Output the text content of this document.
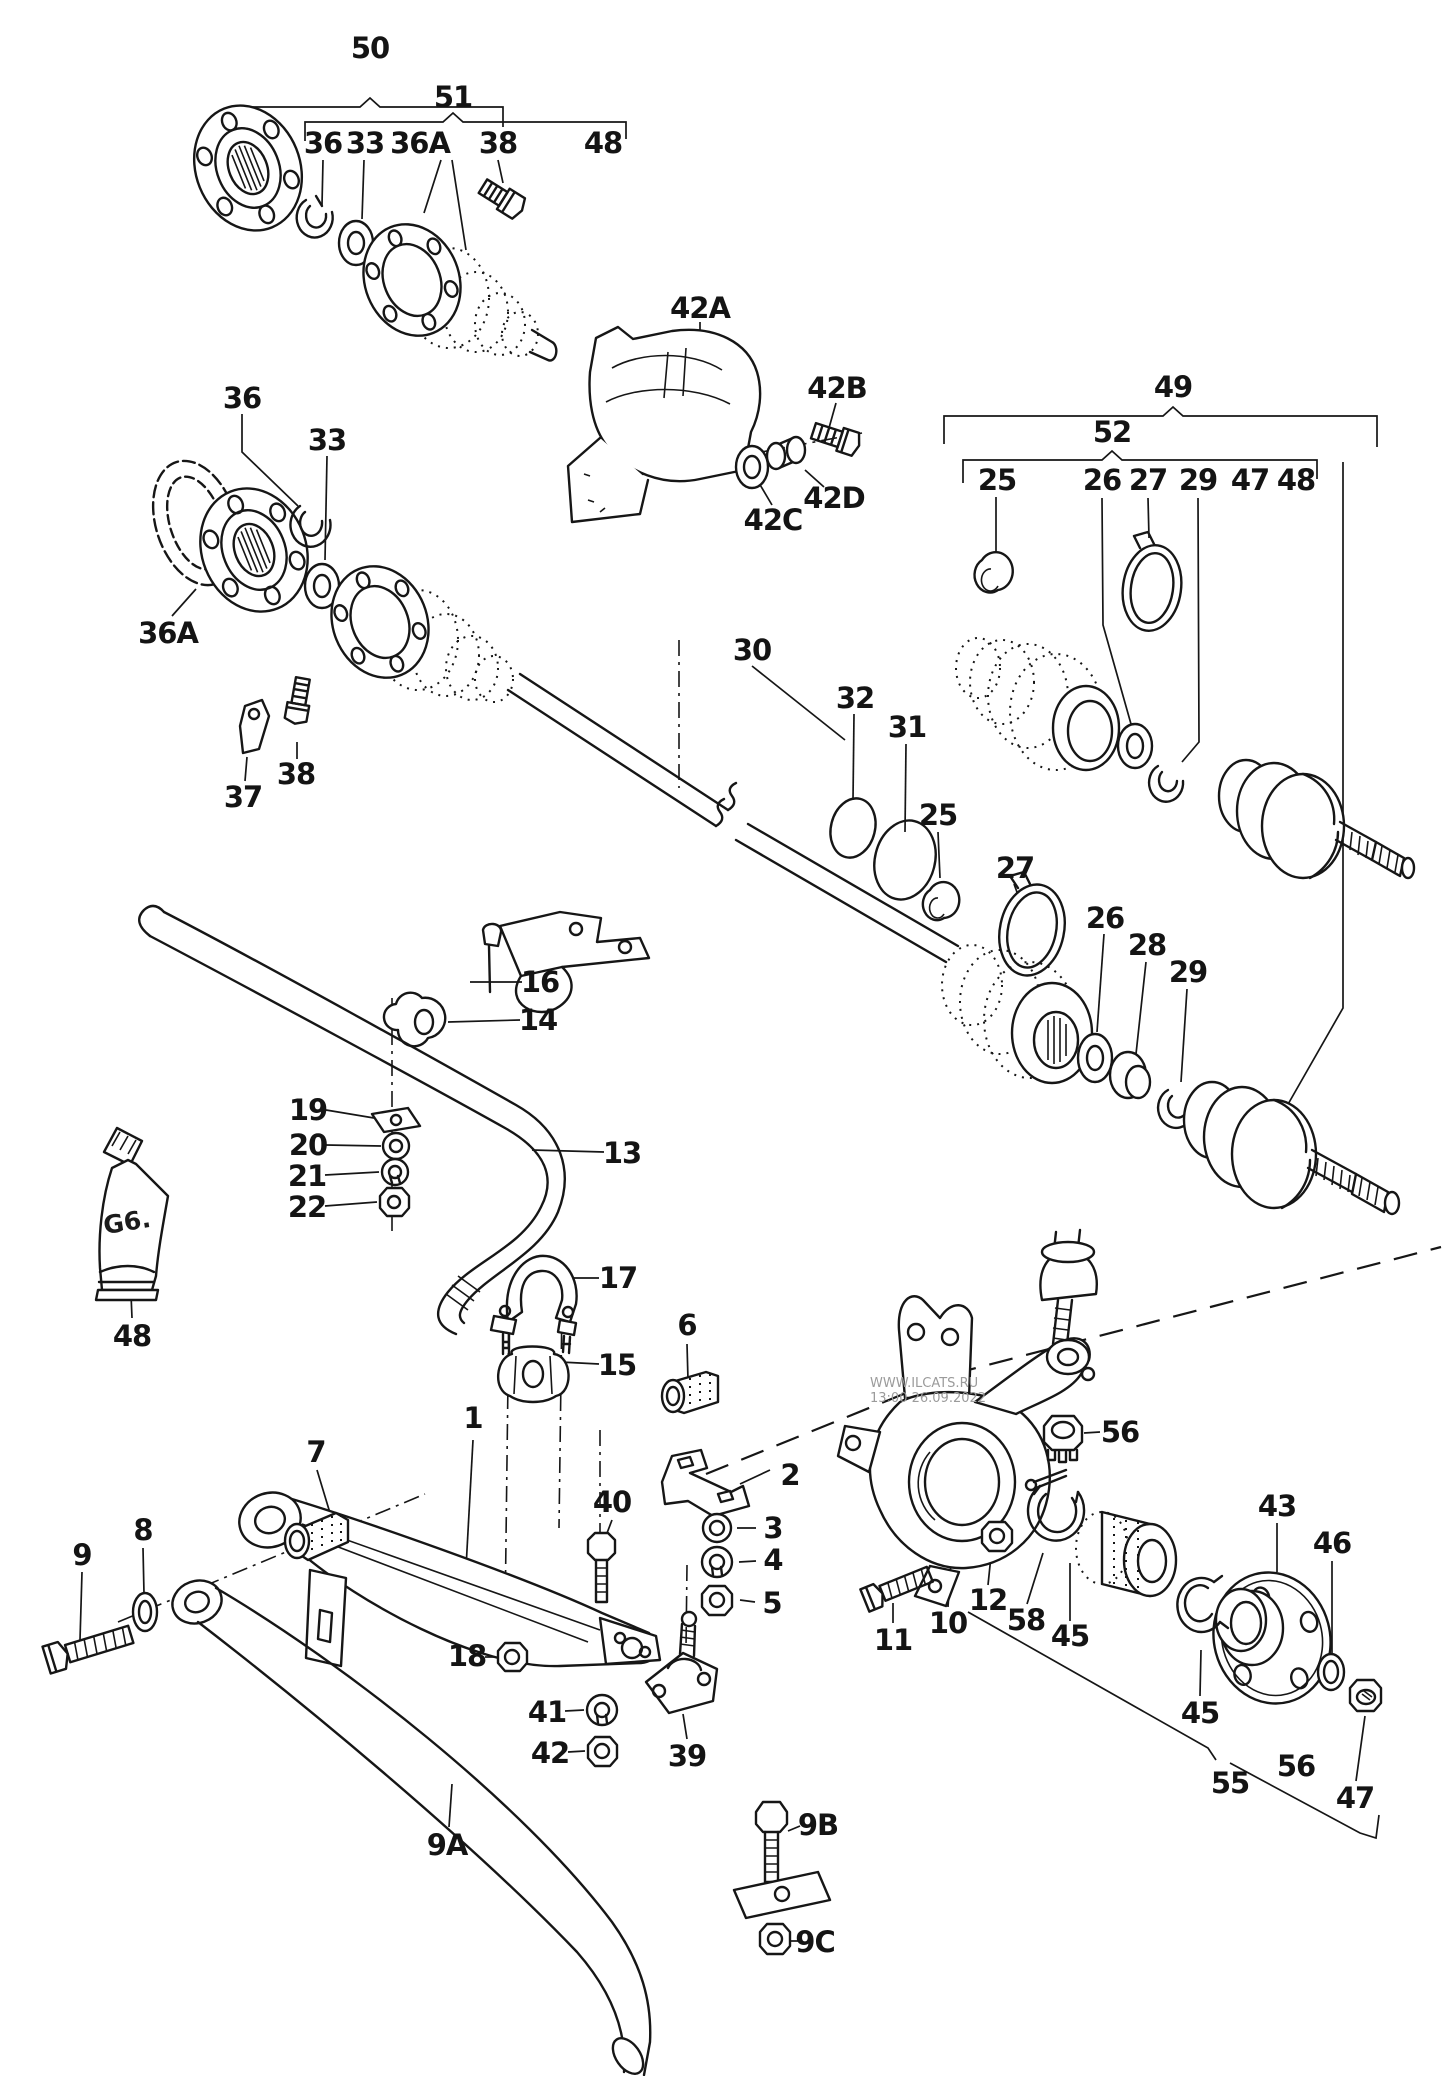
G6.
WWW.ILCATS.RU
13:00 26.09.2022
50
51
36 33 36A 38 48
42A
42B
42C
42D
49
52
25 26 27 29 47 48
36
33
36A	30
32
31
25
27
26
28
29
37
38
16
14
19
20
21
22
13
48
17
15
6
1
7
8
9
2
3
4
5
40
18
41
42	39
9A
9B
9C
56
11 10
12
58 45
43
46
45
55 56
47
